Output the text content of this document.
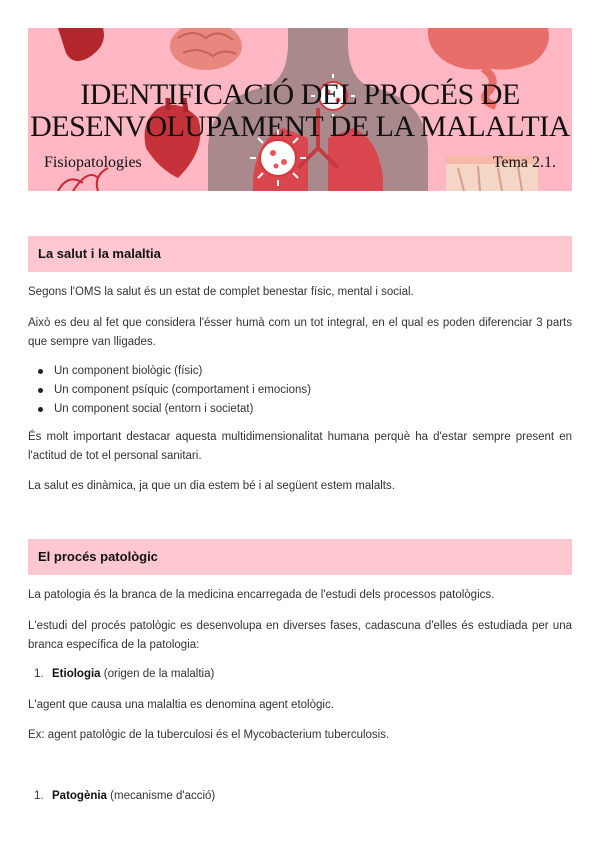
IDENTIFICACIÓ DEL PROCÉS DE
DESENVOLUPAMENT DE LA MALALTIA
Fisiopatologies	Tema 2.1.
La salut i la malaltia

Segons l'OMS la salut és un estat de complet benestar físic, mental i social.

Això es deu al fet que considera l'ésser humà com un tot integral, en el qual es poden diferenciar 3 parts que sempre van lligades.

Un component biològic (físic)
Un component psíquic (comportament i emocions)
Un component social (entorn i societat)

És molt important destacar aquesta multidimensionalitat humana perquè ha d'estar sempre present en l'actitud de tot el personal sanitari.

La salut es dinàmica, ja que un dia estem bé i al següent estem malalts.

El procés patològic

La patologia és la branca de la medicina encarregada de l'estudi dels processos patològics.

L'estudi del procés patològic es desenvolupa en diverses fases, cadascuna d'elles és estudiada per una branca específica de la patologia:

1. Etiologia (origen de la malaltia)

L'agent que causa una malaltia es denomina agent etològic.

Ex: agent patològic de la tuberculosi és el Mycobacterium tuberculosis.

1. Patogènia (mecanisme d'acció)
